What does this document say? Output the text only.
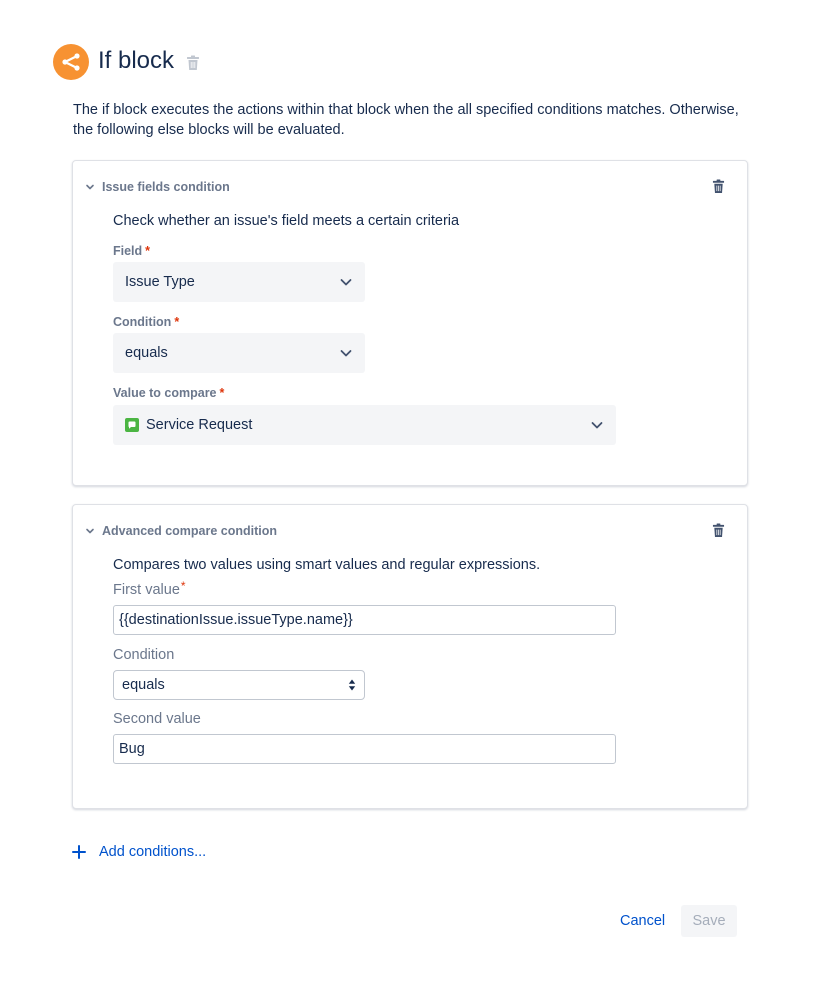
If block
The if block executes the actions within that block when the all specified conditions matches. Otherwise, the following else blocks will be evaluated.
Issue fields condition
Check whether an issue's field meets a certain criteria
Field *
Issue Type
Condition *
equals
Value to compare *
Service Request
Advanced compare condition
Compares two values using smart values and regular expressions.
First value*
{{destinationIssue.issueType.name}}
Condition
equals
Second value
Bug
Add conditions...
Cancel	Save
